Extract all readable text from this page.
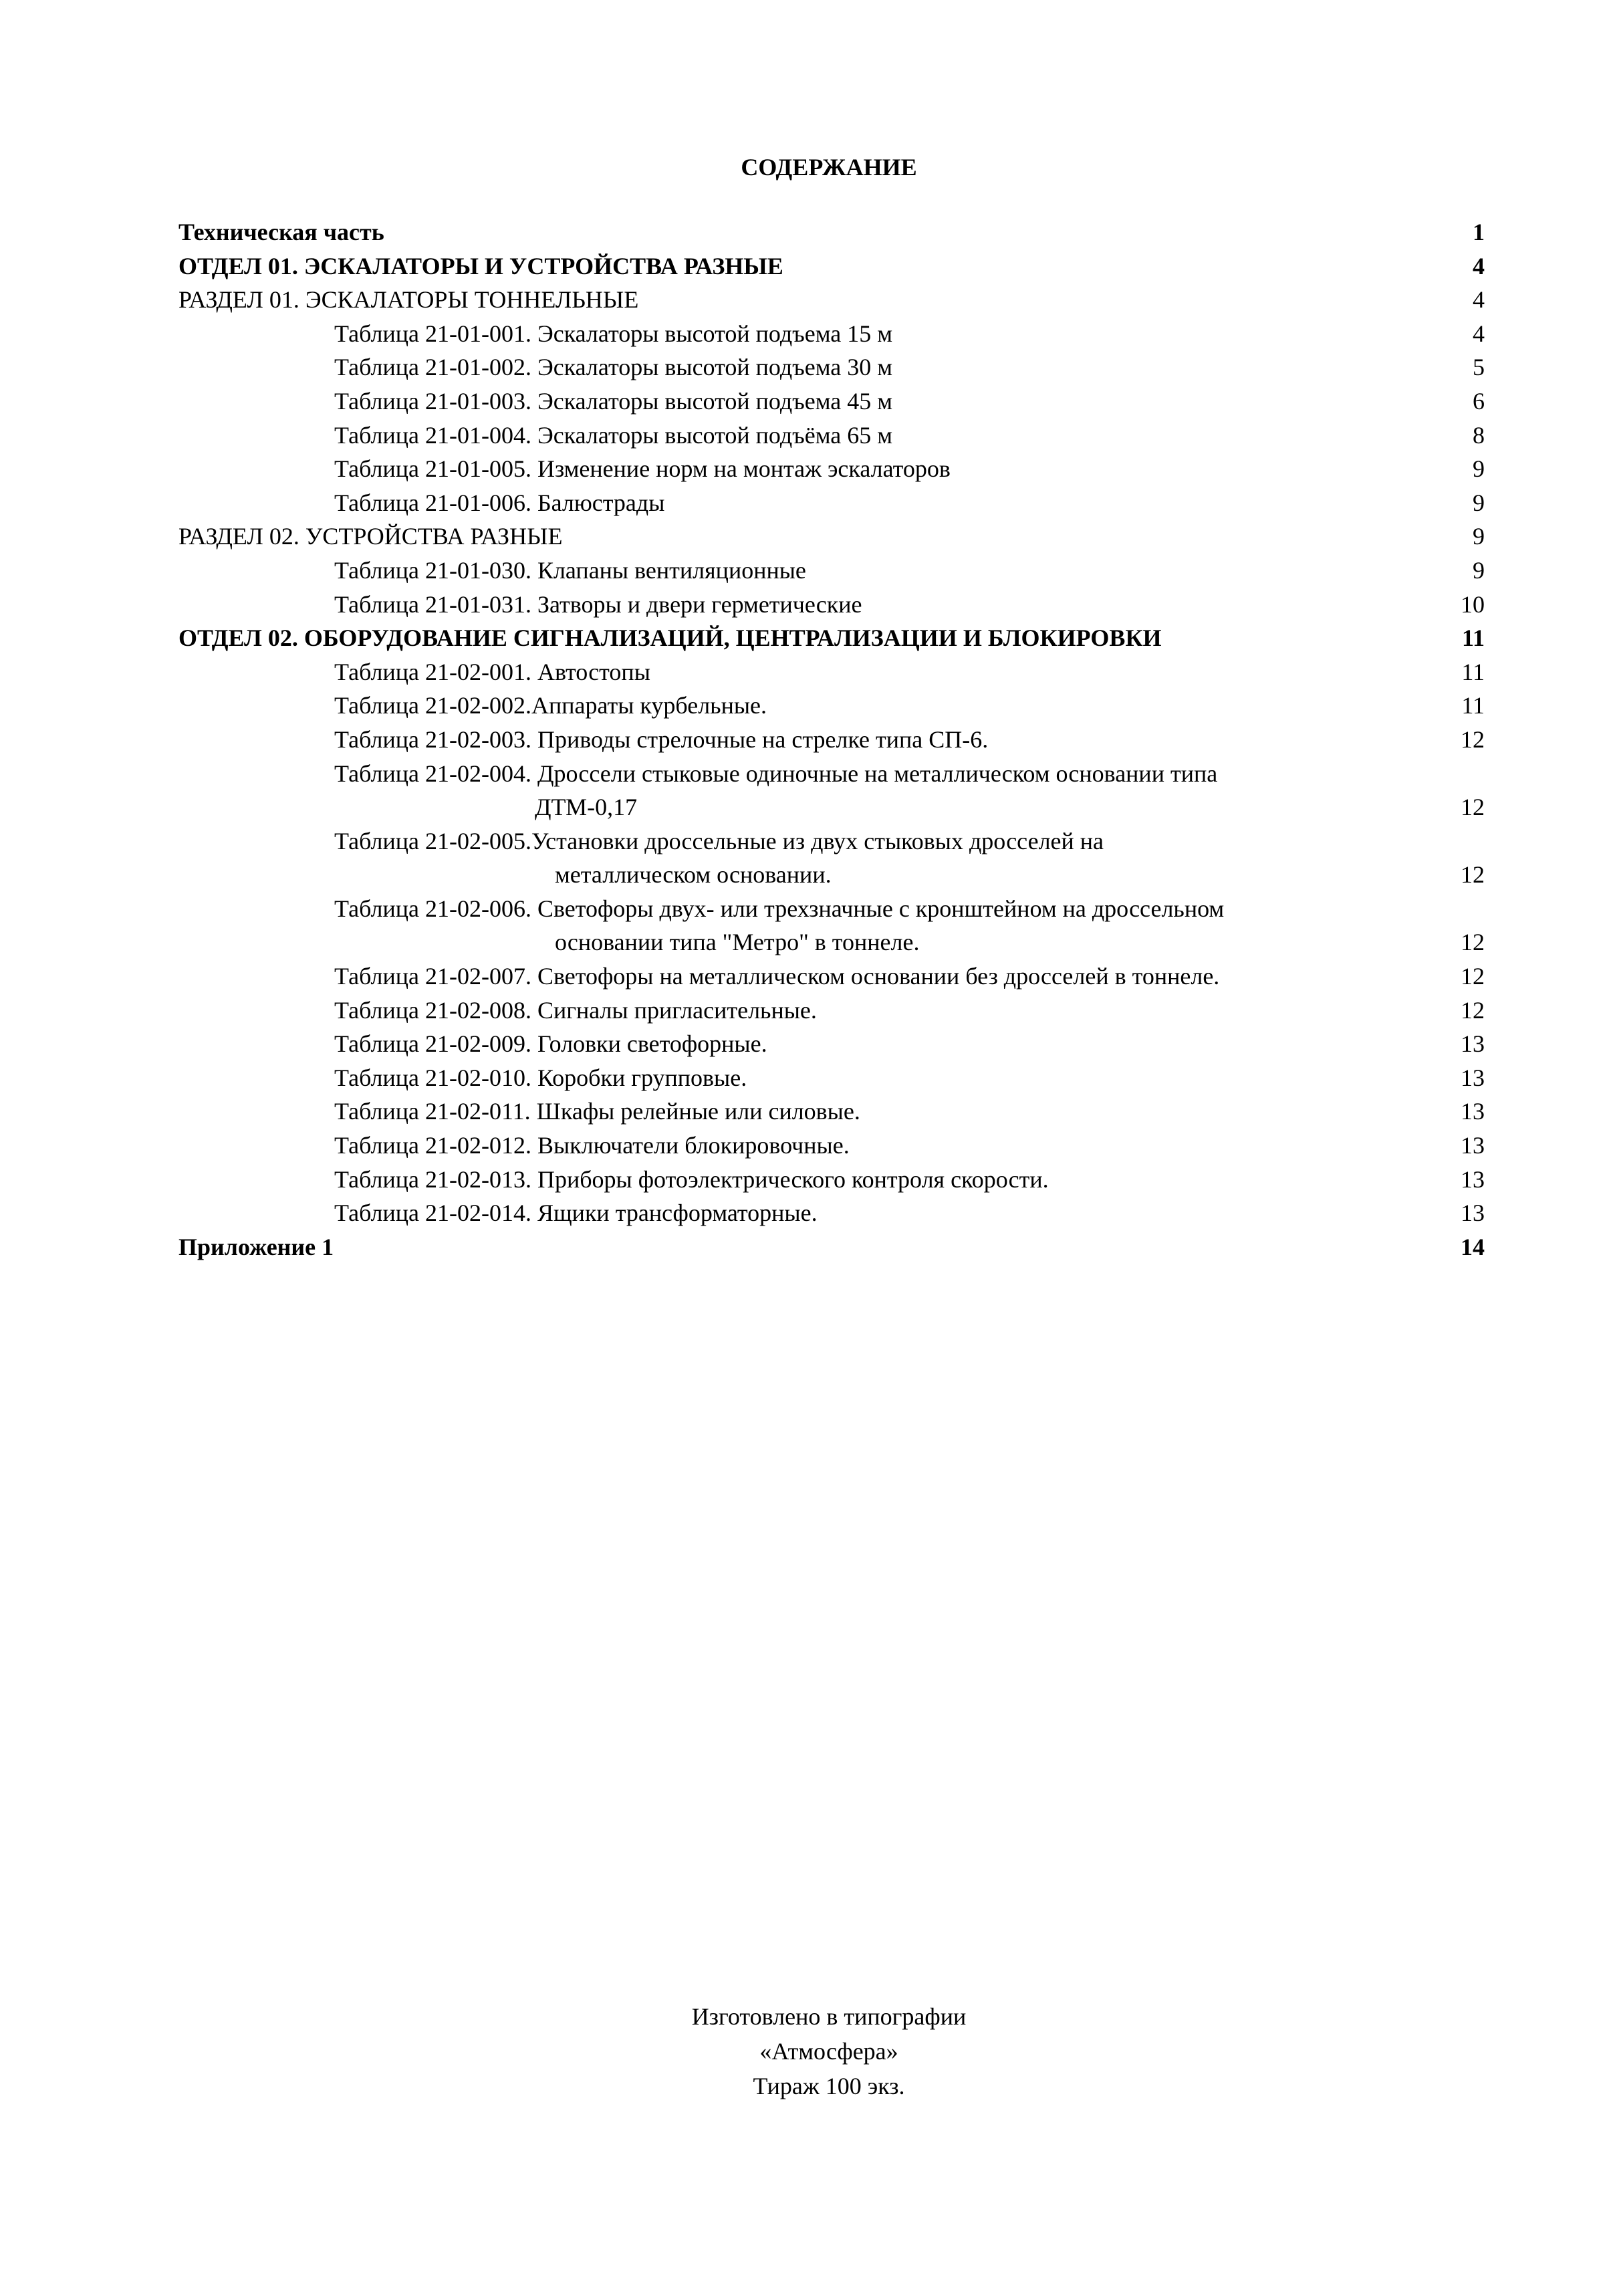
СОДЕРЖАНИЕ
Техническая часть	1
ОТДЕЛ 01. ЭСКАЛАТОРЫ И УСТРОЙСТВА РАЗНЫЕ	4
РАЗДЕЛ 01. ЭСКАЛАТОРЫ ТОННЕЛЬНЫЕ	4
Таблица 21-01-001. Эскалаторы высотой подъема 15 м	4
Таблица 21-01-002. Эскалаторы высотой подъема 30 м	5
Таблица 21-01-003. Эскалаторы высотой подъема 45 м	6
Таблица 21-01-004. Эскалаторы высотой подъёма 65 м	8
Таблица 21-01-005. Изменение норм на монтаж эскалаторов	9
Таблица 21-01-006. Балюстрады	9
РАЗДЕЛ 02. УСТРОЙСТВА РАЗНЫЕ	9
Таблица 21-01-030. Клапаны вентиляционные	9
Таблица 21-01-031. Затворы и двери герметические	10
ОТДЕЛ 02. ОБОРУДОВАНИЕ СИГНАЛИЗАЦИЙ, ЦЕНТРАЛИЗАЦИИ И БЛОКИРОВКИ	11
Таблица 21-02-001. Автостопы	11
Таблица 21-02-002.Аппараты курбельные.	11
Таблица 21-02-003. Приводы стрелочные на стрелке типа СП-6.	12
Таблица 21-02-004. Дроссели стыковые одиночные на металлическом основании типа
ДТМ-0,17	12
Таблица 21-02-005.Установки дроссельные из двух стыковых дросселей на
металлическом основании.	12
Таблица 21-02-006. Светофоры двух- или трехзначные с кронштейном на дроссельном
основании типа "Метро" в тоннеле.	12
Таблица 21-02-007. Светофоры на металлическом основании без дросселей в тоннеле.	12
Таблица 21-02-008. Сигналы пригласительные.	12
Таблица 21-02-009. Головки светофорные.	13
Таблица 21-02-010. Коробки групповые.	13
Таблица 21-02-011. Шкафы релейные или силовые.	13
Таблица 21-02-012. Выключатели блокировочные.	13
Таблица 21-02-013. Приборы фотоэлектрического контроля скорости.	13
Таблица 21-02-014. Ящики трансформаторные.	13
Приложение 1	14
Изготовлено в типографии
«Атмосфера»
Тираж 100 экз.
